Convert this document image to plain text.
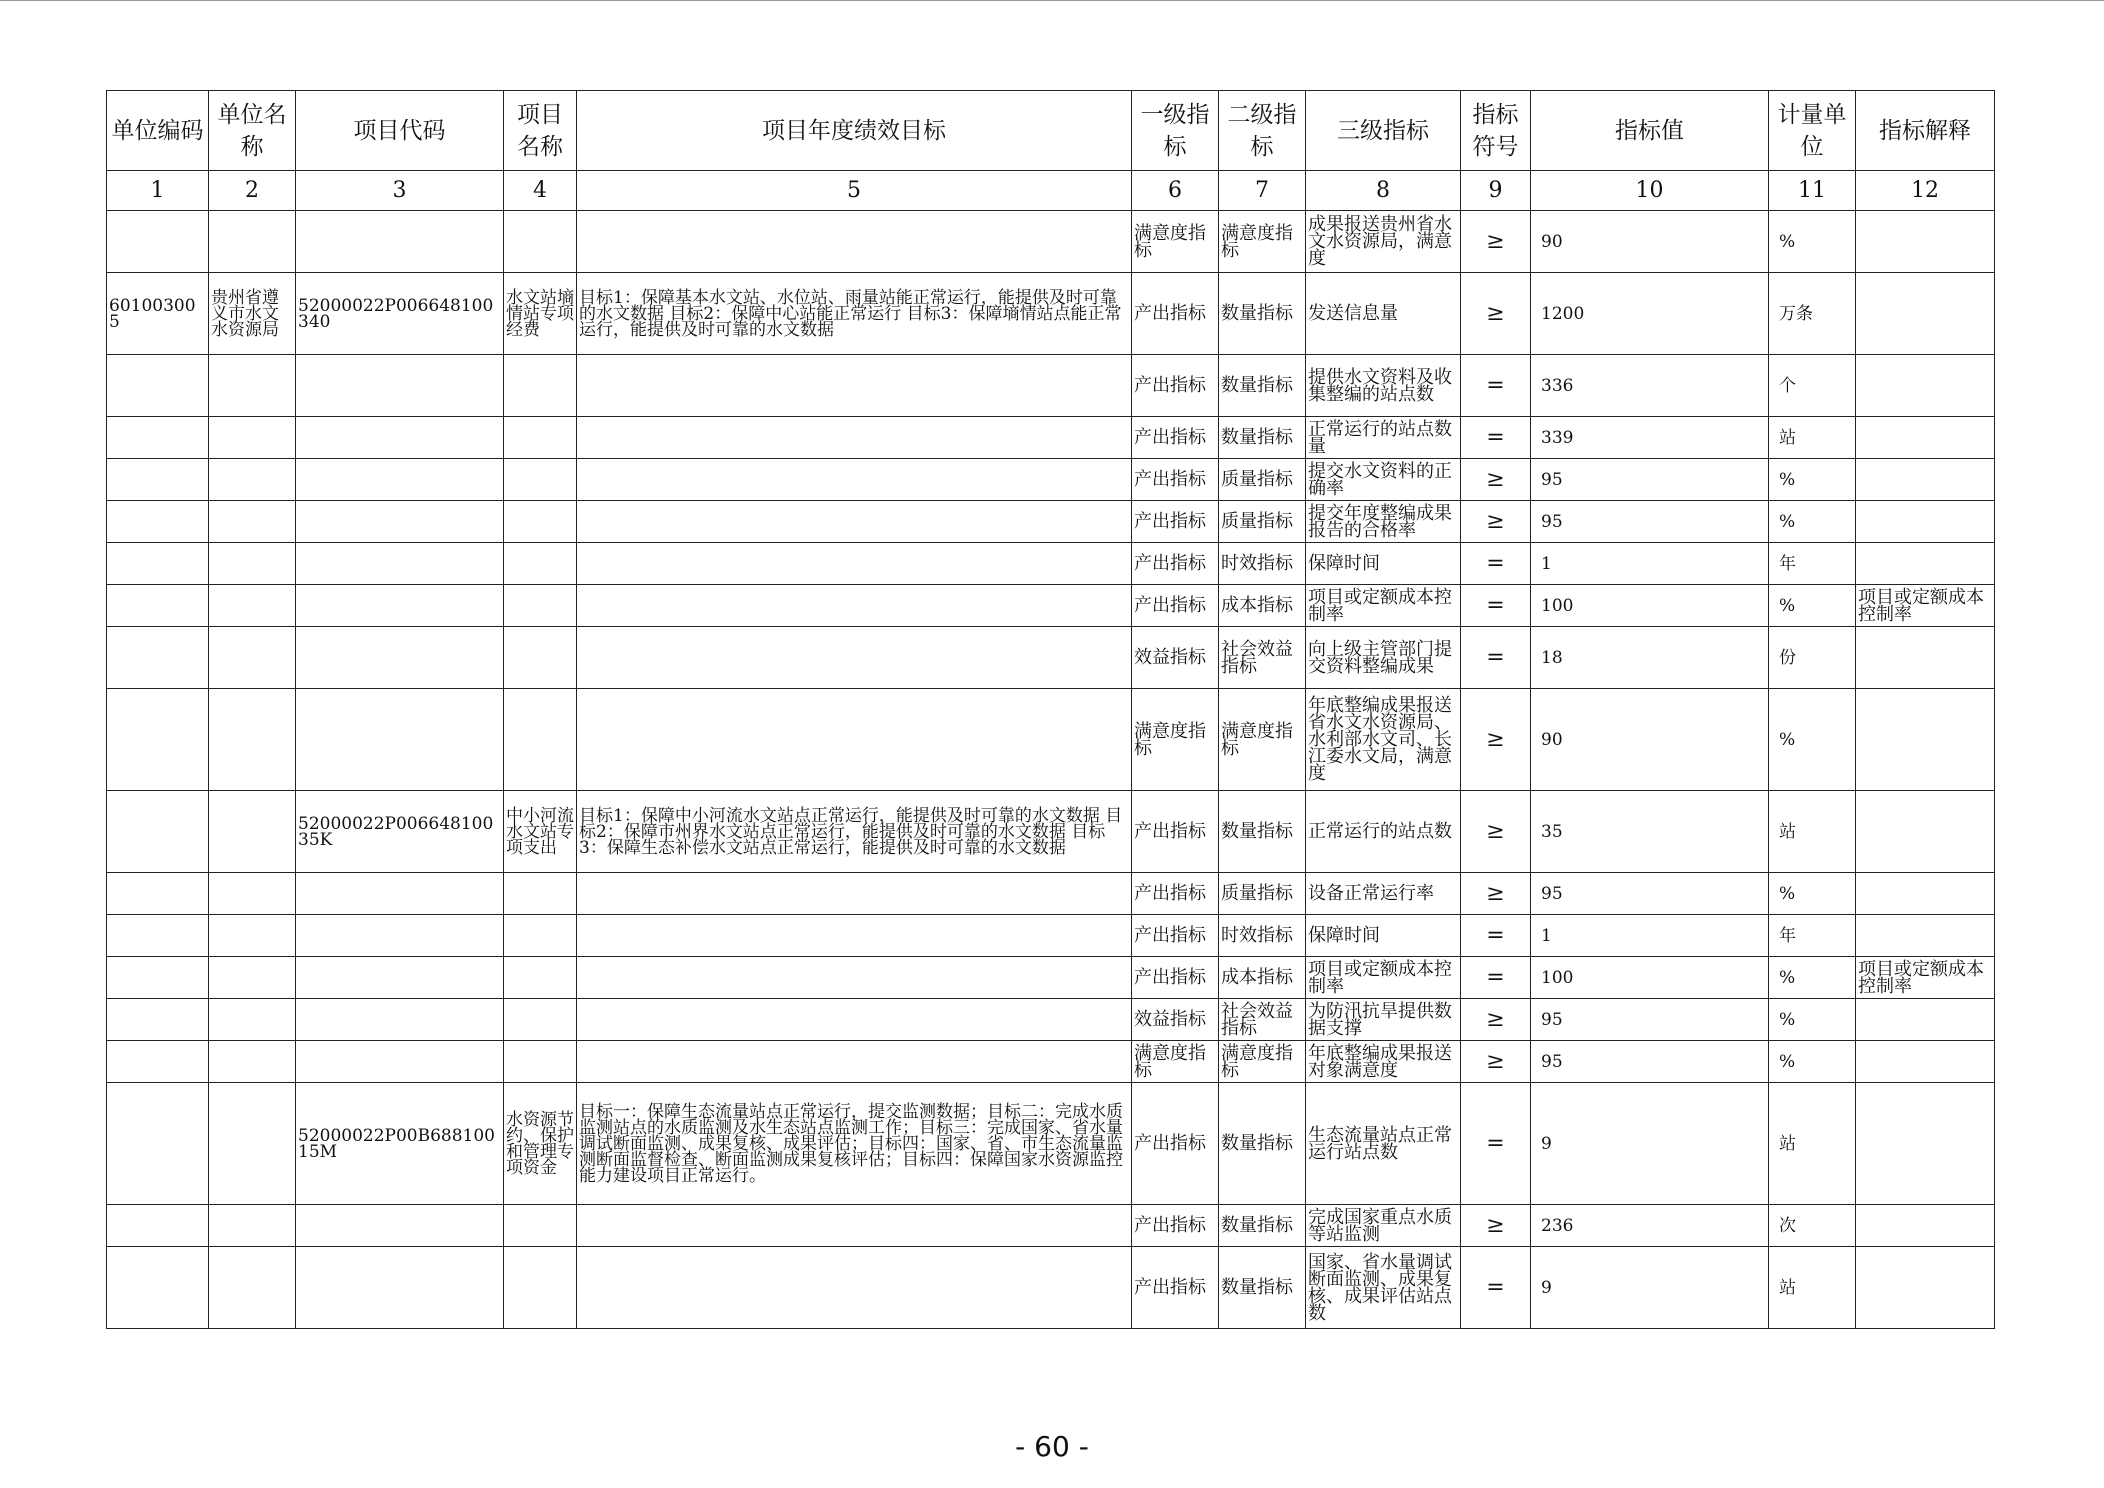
单位编码	单位名称	项目代码	项目名称	项目年度绩效目标	一级指标	二级指标	三级指标	指标符号	指标值	计量单位	指标解释
1	2	3	4	5	6	7	8	9	10	11	12
					满意度指标	满意度指标	成果报送贵州省水文水资源局，满意度	≥	90	%	
601003005	贵州省遵义市水文水资源局	52000022P006648100340	水文站墒情站专项经费	目标1：保障基本水文站、水位站、雨量站能正常运行，能提供及时可靠的水文数据 目标2：保障中心站能正常运行 目标3：保障墒情站点能正常运行，能提供及时可靠的水文数据	产出指标	数量指标	发送信息量	≥	1200	万条	
					产出指标	数量指标	提供水文资料及收集整编的站点数	=	336	个	
					产出指标	数量指标	正常运行的站点数量	=	339	站	
					产出指标	质量指标	提交水文资料的正确率	≥	95	%	
					产出指标	质量指标	提交年度整编成果报告的合格率	≥	95	%	
					产出指标	时效指标	保障时间	=	1	年	
					产出指标	成本指标	项目或定额成本控制率	=	100	%	项目或定额成本控制率
					效益指标	社会效益指标	向上级主管部门提交资料整编成果	=	18	份	
					满意度指标	满意度指标	年底整编成果报送省水文水资源局、水利部水文司、长江委水文局，满意度	≥	90	%	
		52000022P00664810035K	中小河流水文站专项支出	目标1：保障中小河流水文站点正常运行，能提供及时可靠的水文数据 目标2：保障市州界水文站点正常运行，能提供及时可靠的水文数据 目标3：保障生态补偿水文站点正常运行，能提供及时可靠的水文数据	产出指标	数量指标	正常运行的站点数	≥	35	站	
					产出指标	质量指标	设备正常运行率	≥	95	%	
					产出指标	时效指标	保障时间	=	1	年	
					产出指标	成本指标	项目或定额成本控制率	=	100	%	项目或定额成本控制率
					效益指标	社会效益指标	为防汛抗旱提供数据支撑	≥	95	%	
					满意度指标	满意度指标	年底整编成果报送对象满意度	≥	95	%	
		52000022P00B68810015M	水资源节约、保护和管理专项资金	目标一：保障生态流量站点正常运行，提交监测数据；目标二：完成水质监测站点的水质监测及水生态站点监测工作；目标三：完成国家、省水量调试断面监测、成果复核、成果评估；目标四：国家、省、市生态流量监测断面监督检查、断面监测成果复核评估；目标四：保障国家水资源监控能力建设项目正常运行。	产出指标	数量指标	生态流量站点正常运行站点数	=	9	站	
					产出指标	数量指标	完成国家重点水质等站监测	≥	236	次	
					产出指标	数量指标	国家、省水量调试断面监测、成果复核、成果评估站点数	=	9	站	
- 60 -
